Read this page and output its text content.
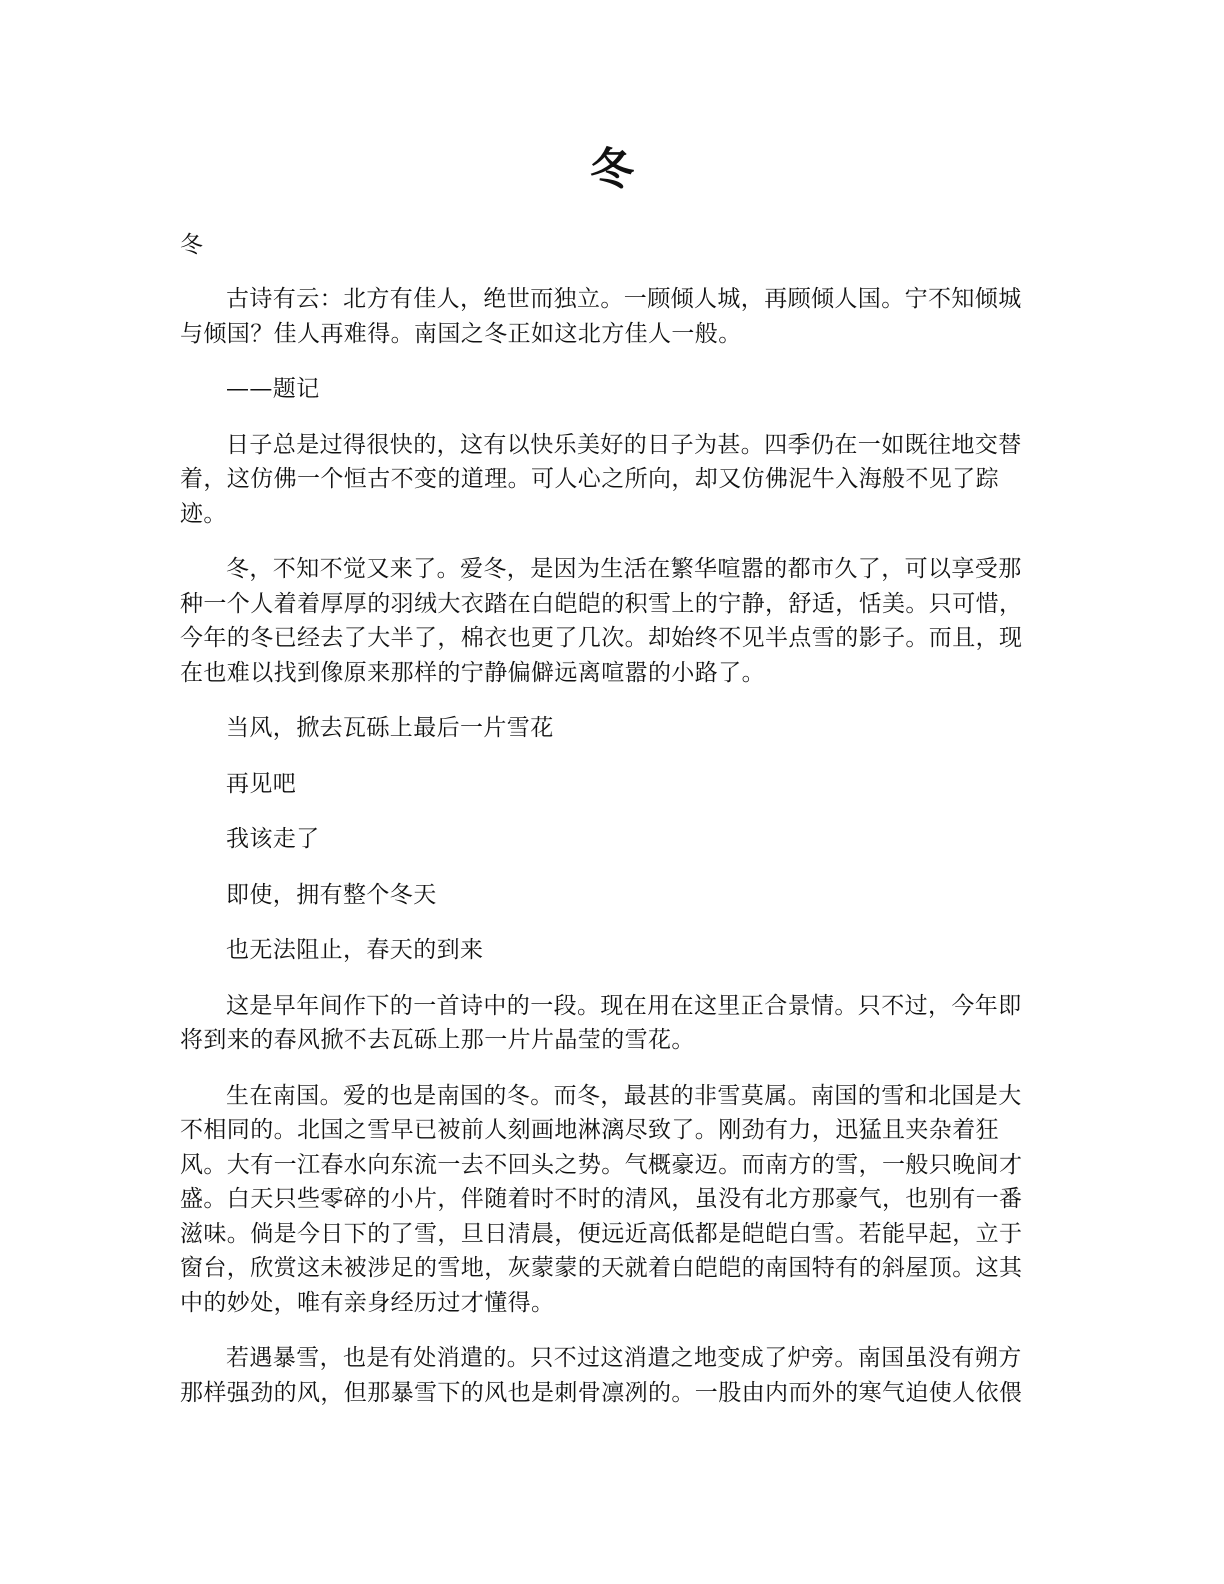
冬

冬

古诗有云：北方有佳人，绝世而独立。一顾倾人城，再顾倾人国。宁不知倾城与倾国？佳人再难得。南国之冬正如这北方佳人一般。

——题记

日子总是过得很快的，这有以快乐美好的日子为甚。四季仍在一如既往地交替着，这仿佛一个恒古不变的道理。可人心之所向，却又仿佛泥牛入海般不见了踪迹。

冬，不知不觉又来了。爱冬，是因为生活在繁华喧嚣的都市久了，可以享受那种一个人着着厚厚的羽绒大衣踏在白皑皑的积雪上的宁静，舒适，恬美。只可惜，今年的冬已经去了大半了，棉衣也更了几次。却始终不见半点雪的影子。而且，现在也难以找到像原来那样的宁静偏僻远离喧嚣的小路了。

当风，掀去瓦砾上最后一片雪花

再见吧

我该走了

即使，拥有整个冬天

也无法阻止，春天的到来

这是早年间作下的一首诗中的一段。现在用在这里正合景情。只不过，今年即将到来的春风掀不去瓦砾上那一片片晶莹的雪花。

生在南国。爱的也是南国的冬。而冬，最甚的非雪莫属。南国的雪和北国是大不相同的。北国之雪早已被前人刻画地淋漓尽致了。刚劲有力，迅猛且夹杂着狂风。大有一江春水向东流一去不回头之势。气概豪迈。而南方的雪，一般只晚间才盛。白天只些零碎的小片，伴随着时不时的清风，虽没有北方那豪气，也别有一番滋味。倘是今日下的了雪，旦日清晨，便远近高低都是皑皑白雪。若能早起，立于窗台，欣赏这未被涉足的雪地，灰蒙蒙的天就着白皑皑的南国特有的斜屋顶。这其中的妙处，唯有亲身经历过才懂得。

若遇暴雪，也是有处消遣的。只不过这消遣之地变成了炉旁。南国虽没有朔方那样强劲的风，但那暴雪下的风也是刺骨凛冽的。一股由内而外的寒气迫使人依偎
